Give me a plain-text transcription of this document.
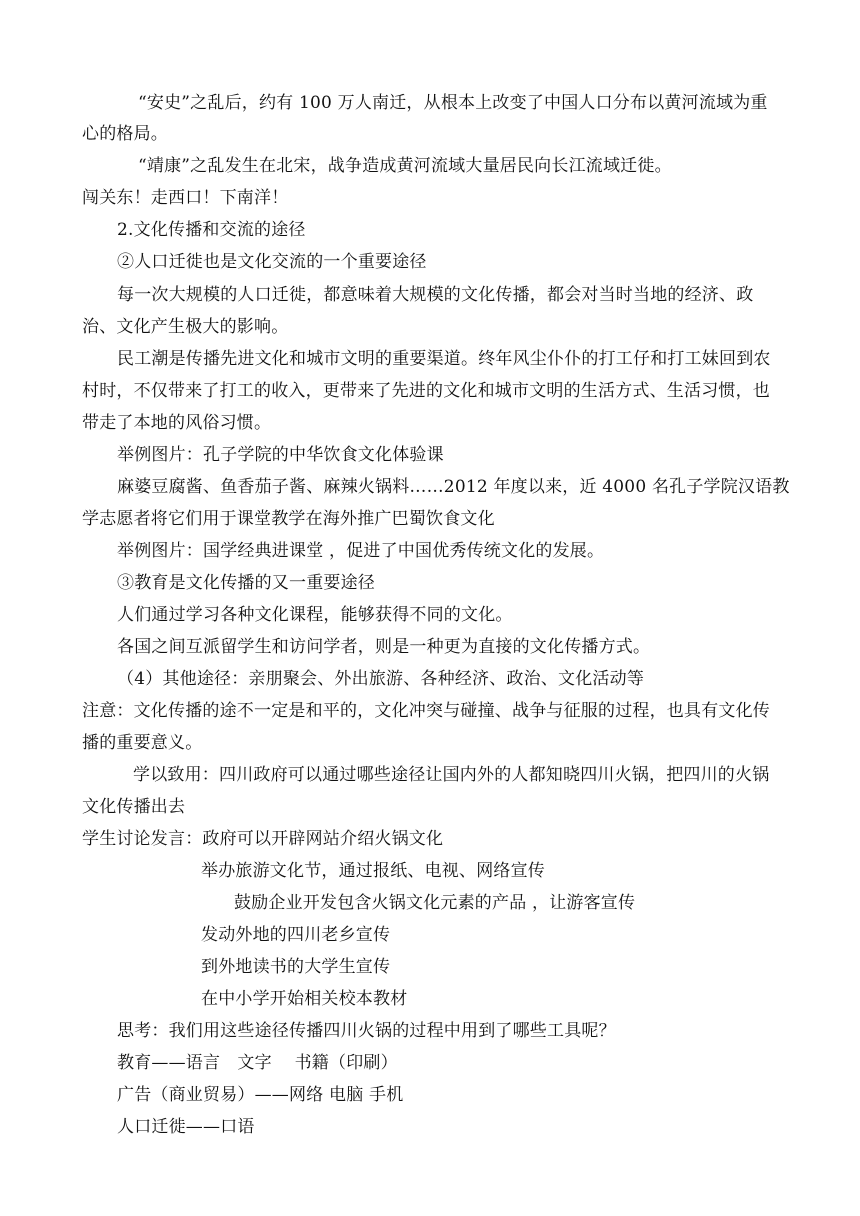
“安史”之乱后，约有 100 万人南迁，从根本上改变了中国人口分布以黄河流域为重
心的格局。
“靖康”之乱发生在北宋，战争造成黄河流域大量居民向长江流域迁徙。
闯关东！走西口！下南洋！
2.文化传播和交流的途径
②人口迁徙也是文化交流的一个重要途径
每一次大规模的人口迁徙，都意味着大规模的文化传播，都会对当时当地的经济、政
治、文化产生极大的影响。
民工潮是传播先进文化和城市文明的重要渠道。终年风尘仆仆的打工仔和打工妹回到农
村时，不仅带来了打工的收入，更带来了先进的文化和城市文明的生活方式、生活习惯，也
带走了本地的风俗习惯。
举例图片：孔子学院的中华饮食文化体验课
麻婆豆腐酱、鱼香茄子酱、麻辣火锅料……2012 年度以来，近 4000 名孔子学院汉语教
学志愿者将它们用于课堂教学在海外推广巴蜀饮食文化
举例图片：国学经典进课堂 ，促进了中国优秀传统文化的发展。
③教育是文化传播的又一重要途径
人们通过学习各种文化课程，能够获得不同的文化。
各国之间互派留学生和访问学者，则是一种更为直接的文化传播方式。
（4）其他途径：亲朋聚会、外出旅游、各种经济、政治、文化活动等
注意：文化传播的途不一定是和平的，文化冲突与碰撞、战争与征服的过程，也具有文化传
播的重要意义。
学以致用：四川政府可以通过哪些途径让国内外的人都知晓四川火锅，把四川的火锅
文化传播出去
学生讨论发言：政府可以开辟网站介绍火锅文化
举办旅游文化节，通过报纸、电视、网络宣传
鼓励企业开发包含火锅文化元素的产品 ，让游客宣传
发动外地的四川老乡宣传
到外地读书的大学生宣传
在中小学开始相关校本教材
思考：我们用这些途径传播四川火锅的过程中用到了哪些工具呢？
教育——语言　文字　 书籍（印刷）
广告（商业贸易）——网络 电脑 手机
人口迁徙——口语
